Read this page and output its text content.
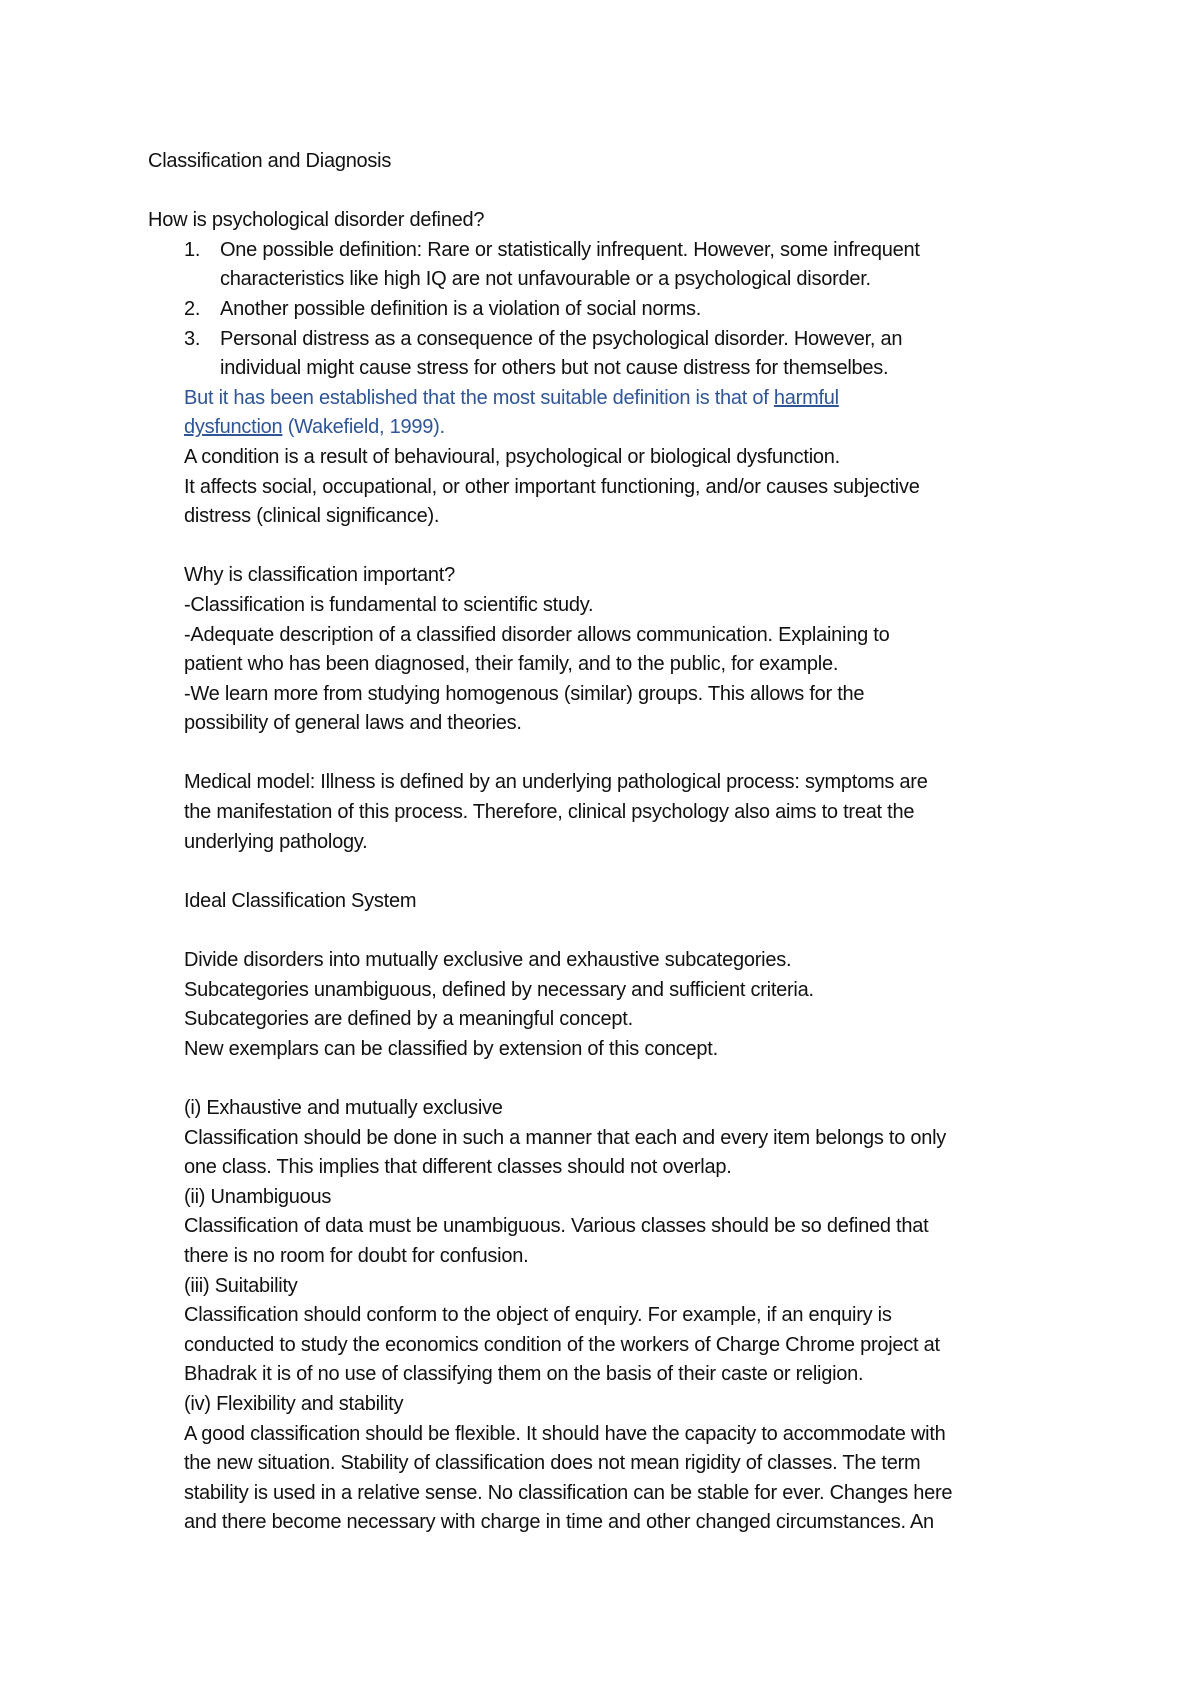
Classification and Diagnosis
How is psychological disorder defined?
1. One possible definition: Rare or statistically infrequent. However, some infrequent
characteristics like high IQ are not unfavourable or a psychological disorder.
2. Another possible definition is a violation of social norms.
3. Personal distress as a consequence of the psychological disorder. However, an
individual might cause stress for others but not cause distress for themselbes.
But it has been established that the most suitable definition is that of harmful
dysfunction (Wakefield, 1999).
A condition is a result of behavioural, psychological or biological dysfunction.
It affects social, occupational, or other important functioning, and/or causes subjective
distress (clinical significance).
Why is classification important?
-Classification is fundamental to scientific study.
-Adequate description of a classified disorder allows communication. Explaining to
patient who has been diagnosed, their family, and to the public, for example.
-We learn more from studying homogenous (similar) groups. This allows for the
possibility of general laws and theories.
Medical model: Illness is defined by an underlying pathological process: symptoms are
the manifestation of this process. Therefore, clinical psychology also aims to treat the
underlying pathology.
Ideal Classification System
Divide disorders into mutually exclusive and exhaustive subcategories.
Subcategories unambiguous, defined by necessary and sufficient criteria.
Subcategories are defined by a meaningful concept.
New exemplars can be classified by extension of this concept.
(i) Exhaustive and mutually exclusive
Classification should be done in such a manner that each and every item belongs to only
one class. This implies that different classes should not overlap.
(ii) Unambiguous
Classification of data must be unambiguous. Various classes should be so defined that
there is no room for doubt for confusion.
(iii) Suitability
Classification should conform to the object of enquiry. For example, if an enquiry is
conducted to study the economics condition of the workers of Charge Chrome project at
Bhadrak it is of no use of classifying them on the basis of their caste or religion.
(iv) Flexibility and stability
A good classification should be flexible. It should have the capacity to accommodate with
the new situation. Stability of classification does not mean rigidity of classes. The term
stability is used in a relative sense. No classification can be stable for ever. Changes here
and there become necessary with charge in time and other changed circumstances. An
